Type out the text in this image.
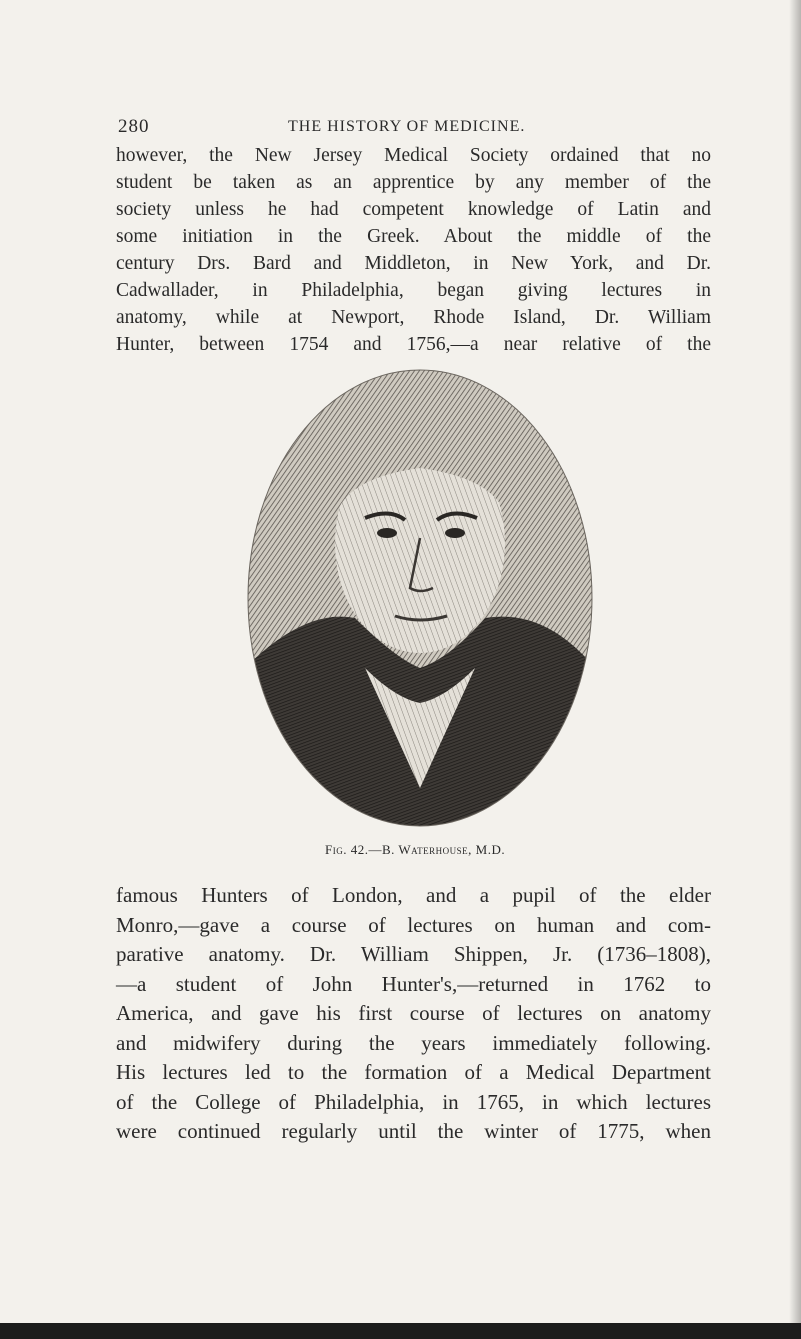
280	THE HISTORY OF MEDICINE.

however, the New Jersey Medical Society ordained that no
student be taken as an apprentice by any member of the
society unless he had competent knowledge of Latin and
some initiation in the Greek. About the middle of the
century Drs. Bard and Middleton, in New York, and Dr.
Cadwallader, in Philadelphia, began giving lectures in
anatomy, while at Newport, Rhode Island, Dr. William
Hunter, between 1754 and 1756,—a near relative of the

Fig. 42.—B. Waterhouse, M.D.

famous Hunters of London, and a pupil of the elder
Monro,—gave a course of lectures on human and com-
parative anatomy. Dr. William Shippen, Jr. (1736–1808),
—a student of John Hunter's,—returned in 1762 to
America, and gave his first course of lectures on anatomy
and midwifery during the years immediately following.
His lectures led to the formation of a Medical Department
of the College of Philadelphia, in 1765, in which lectures
were continued regularly until the winter of 1775, when
